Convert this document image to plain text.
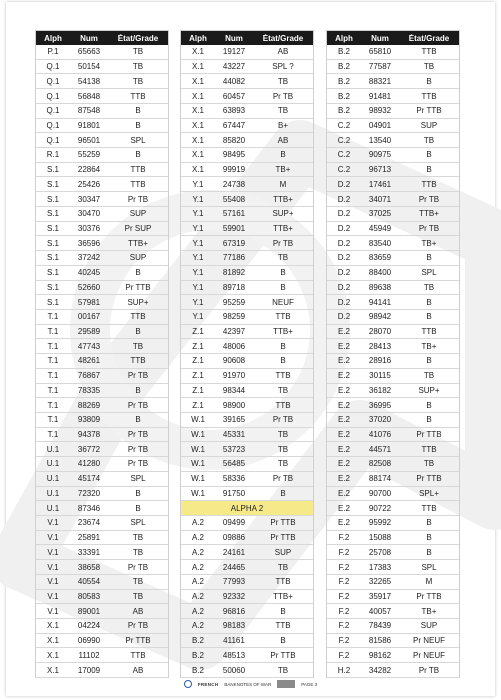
Alph	Num	État/Grade
P.1	65663	TB
Q.1	50154	TB
Q.1	54138	TB
Q.1	56848	TTB
Q.1	87548	B
Q.1	91801	B
Q.1	96501	SPL
R.1	55259	B
S.1	22864	TTB
S.1	25426	TTB
S.1	30347	Pr TB
S.1	30470	SUP
S.1	30376	Pr SUP
S.1	36596	TTB+
S.1	37242	SUP
S.1	40245	B
S.1	52660	Pr TTB
S.1	57981	SUP+
T.1	00167	TTB
T.1	29589	B
T.1	47743	TB
T.1	48261	TTB
T.1	76867	Pr TB
T.1	78335	B
T.1	88269	Pr TB
T.1	93809	B
T.1	94378	Pr TB
U.1	36772	Pr TB
U.1	41280	Pr TB
U.1	45174	SPL
U.1	72320	B
U.1	87346	B
V.1	23674	SPL
V.1	25891	TB
V.1	33391	TB
V.1	38658	Pr TB
V.1	40554	TB
V.1	80583	TB
V.1	89001	AB
X.1	04224	Pr TB
X.1	06990	Pr TTB
X.1	11102	TTB
X.1	17009	AB
Alph	Num	État/Grade
X.1	19127	AB
X.1	43227	SPL ?
X.1	44082	TB
X.1	60457	Pr TB
X.1	63893	TB
X.1	67447	B+
X.1	85820	AB
X.1	98495	B
X.1	99919	TB+
Y.1	24738	M
Y.1	55408	TTB+
Y.1	57161	SUP+
Y.1	59901	TTB+
Y.1	67319	Pr TB
Y.1	77186	TB
Y.1	81892	B
Y.1	89718	B
Y.1	95259	NEUF
Y.1	98259	TTB
Z.1	42397	TTB+
Z.1	48006	B
Z.1	90608	B
Z.1	91970	TTB
Z.1	98344	TB
Z.1	98900	TTB
W.1	39165	Pr TB
W.1	45331	TB
W.1	53723	TB
W.1	56485	TB
W.1	58336	Pr TB
W.1	91750	B
ALPHA 2
A.2	09499	Pr TTB
A.2	09886	Pr TTB
A.2	24161	SUP
A.2	24465	TB
A.2	77993	TTB
A.2	92332	TTB+
A.2	96816	B
A.2	98183	TTB
B.2	41161	B
B.2	48513	Pr TTB
B.2	50060	TB
Alph	Num	État/Grade
B.2	65810	TTB
B.2	77587	TB
B.2	88321	B
B.2	91481	TTB
B.2	98932	Pr TTB
C.2	04901	SUP
C.2	13540	TB
C.2	90975	B
C.2	96713	B
D.2	17461	TTB
D.2	34071	Pr TB
D.2	37025	TTB+
D.2	45949	Pr TB
D.2	83540	TB+
D.2	83659	B
D.2	88400	SPL
D.2	89638	TB
D.2	94141	B
D.2	98942	B
E.2	28070	TTB
E.2	28413	TB+
E.2	28916	B
E.2	30115	TB
E.2	36182	SUP+
E.2	36995	B
E.2	37020	B
E.2	41076	Pr TTB
E.2	44571	TTB
E.2	82508	TB
E.2	88174	Pr TTB
E.2	90700	SPL+
E.2	90722	TTB
E.2	95992	B
F.2	15088	B
F.2	25708	B
F.2	17383	SPL
F.2	32265	M
F.2	35917	Pr TTB
F.2	40057	TB+
F.2	78439	SUP
F.2	81586	Pr NEUF
F.2	98162	Pr NEUF
H.2	34282	Pr TB
FRENCH BANKNOTES OF WAR	PAGE 3
